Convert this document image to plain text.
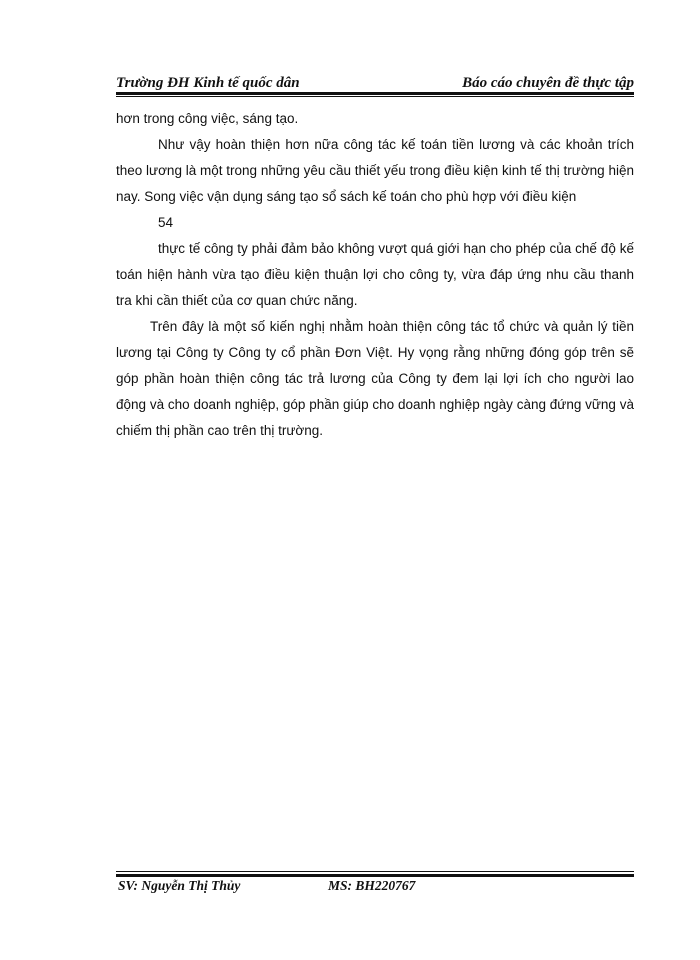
Trường ĐH Kinh tế quốc dân	Báo cáo chuyên đề thực tập

hơn trong công việc, sáng tạo.

Như vậy hoàn thiện hơn nữa công tác kế toán tiền lương và các khoản trích theo lương là một trong những yêu cầu thiết yếu trong điều kiện kinh tế thị trường hiện nay. Song việc vận dụng sáng tạo sổ sách kế toán cho phù hợp với điều kiện

54

thực tế công ty phải đảm bảo không vượt quá giới hạn cho phép của chế độ kế toán hiện hành vừa tạo điều kiện thuận lợi cho công ty, vừa đáp ứng nhu cầu thanh tra khi cần thiết của cơ quan chức năng.

Trên đây là một số kiến nghị nhằm hoàn thiện công tác tổ chức và quản lý tiền lương tại Công ty Công ty cổ phần Đơn Việt. Hy vọng rằng những đóng góp trên sẽ góp phần hoàn thiện công tác trả lương của Công ty đem lại lợi ích cho người lao động và cho doanh nghiệp, góp phần giúp cho doanh nghiệp ngày càng đứng vững và chiếm thị phần cao trên thị trường.

SV: Nguyễn Thị Thủy	MS: BH220767
